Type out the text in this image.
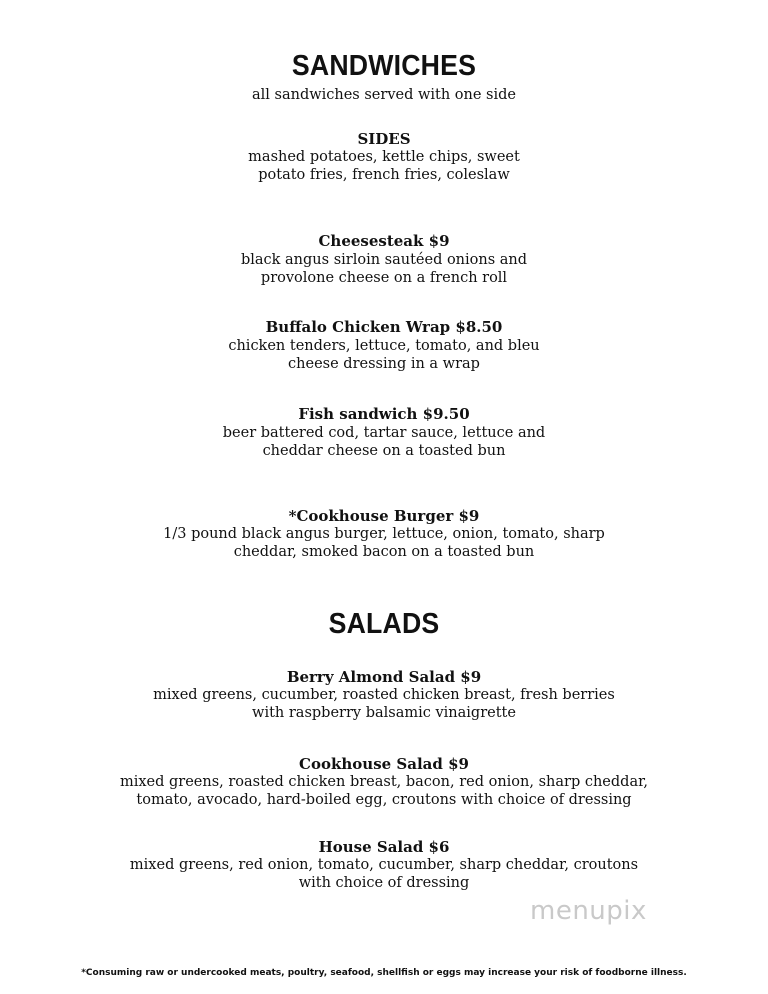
SANDWICHES
all sandwiches served with one side
SIDES
mashed potatoes, kettle chips, sweet
potato fries, french fries, coleslaw
Cheesesteak $9
black angus sirloin sautéed onions and
provolone cheese on a french roll
Buffalo Chicken Wrap $8.50
chicken tenders, lettuce, tomato, and bleu
cheese dressing in a wrap
Fish sandwich $9.50
beer battered cod, tartar sauce, lettuce and
cheddar cheese on a toasted bun
*Cookhouse Burger $9
1/3 pound black angus burger, lettuce, onion, tomato, sharp
cheddar, smoked bacon on a toasted bun
SALADS
Berry Almond Salad $9
mixed greens, cucumber, roasted chicken breast, fresh berries
with raspberry balsamic vinaigrette
Cookhouse Salad $9
mixed greens, roasted chicken breast, bacon, red onion, sharp cheddar,
tomato, avocado, hard-boiled egg, croutons with choice of dressing
House Salad $6
mixed greens, red onion, tomato, cucumber, sharp cheddar, croutons
with choice of dressing
menupix
*Consuming raw or undercooked meats, poultry, seafood, shellfish or eggs may increase your risk of foodborne illness.
